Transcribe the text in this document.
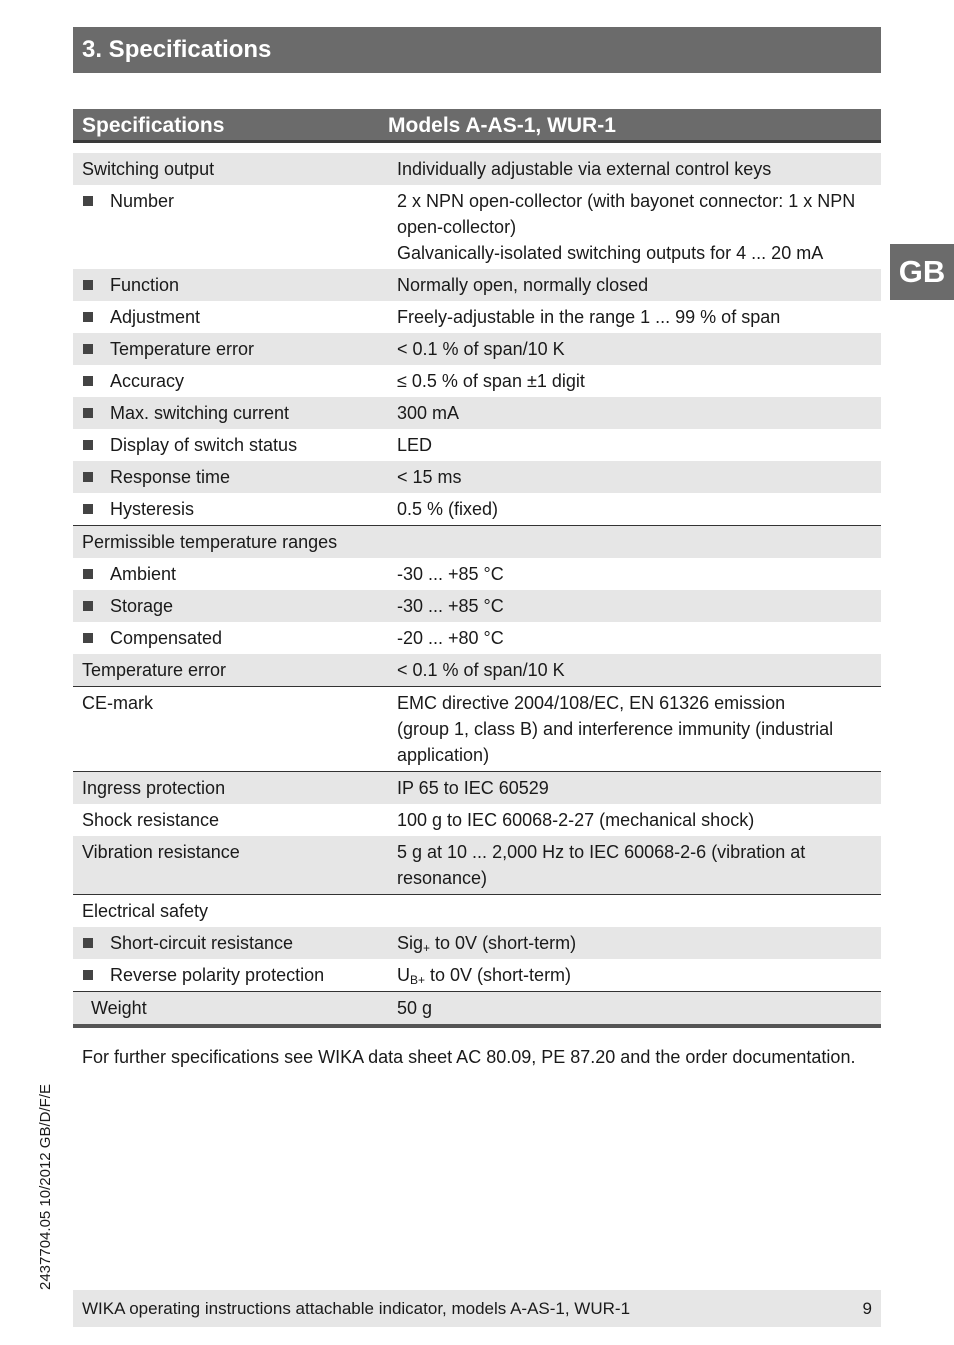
3. Specifications
GB
Specifications	Models A-AS-1, WUR-1
Switching output	Individually adjustable via external control keys
Number	2 x NPN open-collector (with bayonet connector: 1 x NPN
open-collector)
Galvanically-isolated switching outputs for 4 ... 20 mA
Function	Normally open, normally closed
Adjustment	Freely-adjustable in the range 1 ... 99 % of span
Temperature error	< 0.1 % of span/10 K
Accuracy	≤ 0.5 % of span ±1 digit
Max. switching current	300 mA
Display of switch status	LED
Response time	< 15 ms
Hysteresis	0.5 % (fixed)
Permissible temperature ranges
Ambient	-30 ... +85 °C
Storage	-30 ... +85 °C
Compensated	-20 ... +80 °C
Temperature error	< 0.1 % of span/10 K
CE-mark	EMC directive 2004/108/EC, EN 61326 emission
(group 1, class B) and interference immunity (industrial
application)
Ingress protection	IP 65 to IEC 60529
Shock resistance	100 g to IEC 60068-2-27 (mechanical shock)
Vibration resistance	5 g at 10 ... 2,000 Hz to IEC 60068-2-6 (vibration at
resonance)
Electrical safety
Short-circuit resistance	Sig$_+$ to 0V (short-term)
Reverse polarity protection	$U_{B+}$ to 0V (short-term)
Weight	50 g
For further specifications see WIKA data sheet AC 80.09, PE 87.20 and the order documentation.
2437704.05 10/2012 GB/D/F/E
WIKA operating instructions attachable indicator, models A-AS-1, WUR-1	9
